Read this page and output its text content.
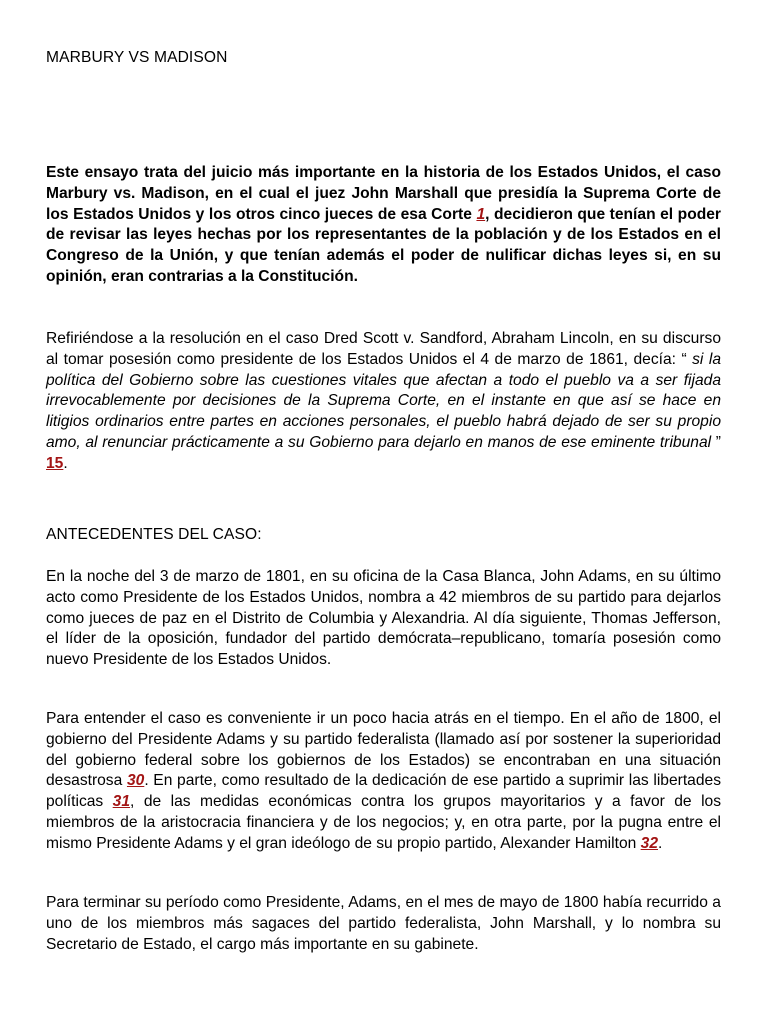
MARBURY VS MADISON

Este ensayo trata del juicio más importante en la historia de los Estados Unidos, el caso Marbury vs. Madison, en el cual el juez John Marshall que presidía la Suprema Corte de los Estados Unidos y los otros cinco jueces de esa Corte 1, decidieron que tenían el poder de revisar las leyes hechas por los representantes de la población y de los Estados en el Congreso de la Unión, y que tenían además el poder de nulificar dichas leyes si, en su opinión, eran contrarias a la Constitución.

Refiriéndose a la resolución en el caso Dred Scott v. Sandford, Abraham Lincoln, en su discurso al tomar posesión como presidente de los Estados Unidos el 4 de marzo de 1861, decía: “ si la política del Gobierno sobre las cuestiones vitales que afectan a todo el pueblo va a ser fijada irrevocablemente por decisiones de la Suprema Corte, en el instante en que así se hace en litigios ordinarios entre partes en acciones personales, el pueblo habrá dejado de ser su propio amo, al renunciar prácticamente a su Gobierno para dejarlo en manos de ese eminente tribunal ” 15.

ANTECEDENTES DEL CASO:

En la noche del 3 de marzo de 1801, en su oficina de la Casa Blanca, John Adams, en su último acto como Presidente de los Estados Unidos, nombra a 42 miembros de su partido para dejarlos como jueces de paz en el Distrito de Columbia y Alexandria. Al día siguiente, Thomas Jefferson, el líder de la oposición, fundador del partido demócrata–republicano, tomaría posesión como nuevo Presidente de los Estados Unidos.

Para entender el caso es conveniente ir un poco hacia atrás en el tiempo. En el año de 1800, el gobierno del Presidente Adams y su partido federalista (llamado así por sostener la superioridad del gobierno federal sobre los gobiernos de los Estados) se encontraban en una situación desastrosa 30. En parte, como resultado de la dedicación de ese partido a suprimir las libertades políticas 31, de las medidas económicas contra los grupos mayoritarios y a favor de los miembros de la aristocracia financiera y de los negocios; y, en otra parte, por la pugna entre el mismo Presidente Adams y el gran ideólogo de su propio partido, Alexander Hamilton 32.

Para terminar su período como Presidente, Adams, en el mes de mayo de 1800 había recurrido a uno de los miembros más sagaces del partido federalista, John Marshall, y lo nombra su Secretario de Estado, el cargo más importante en su gabinete.
